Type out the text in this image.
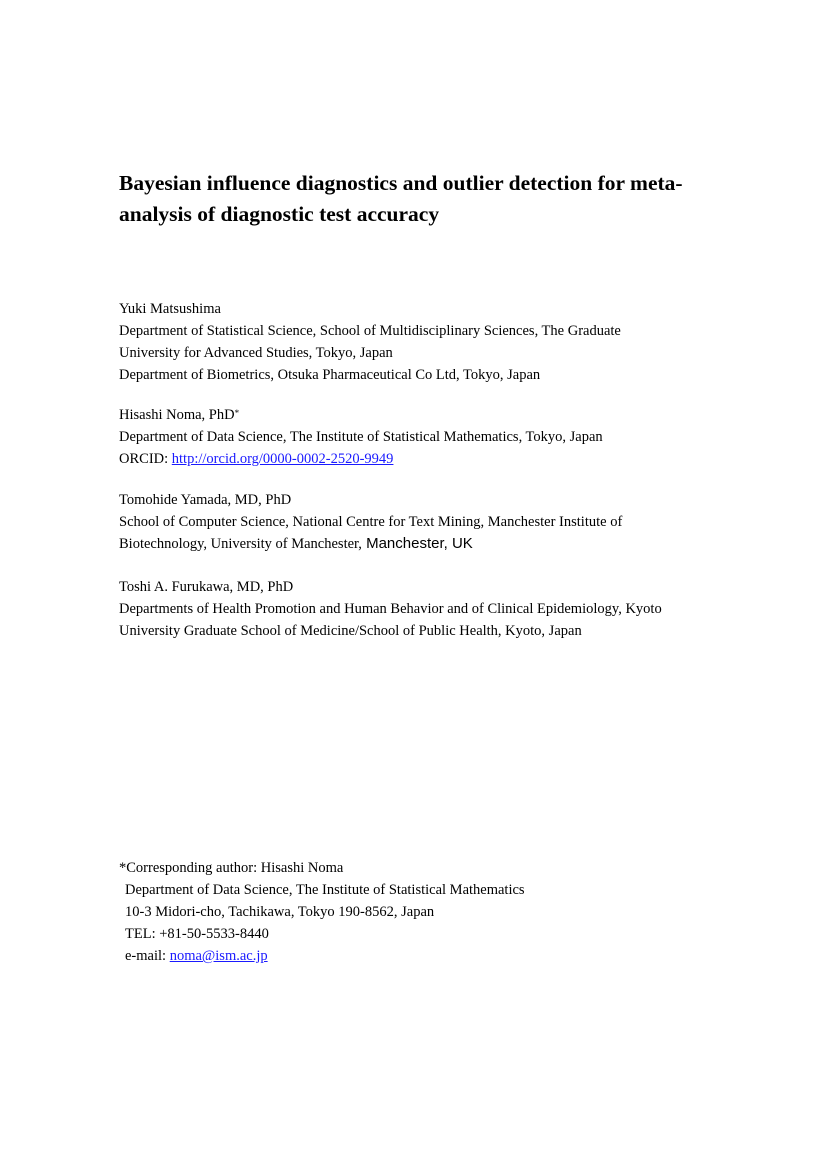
Bayesian influence diagnostics and outlier detection for meta-
analysis of diagnostic test accuracy
Yuki Matsushima
Department of Statistical Science, School of Multidisciplinary Sciences, The Graduate
University for Advanced Studies, Tokyo, Japan
Department of Biometrics, Otsuka Pharmaceutical Co Ltd, Tokyo, Japan
Hisashi Noma, PhD*
Department of Data Science, The Institute of Statistical Mathematics, Tokyo, Japan
ORCID: http://orcid.org/0000-0002-2520-9949
Tomohide Yamada, MD, PhD
School of Computer Science, National Centre for Text Mining, Manchester Institute of
Biotechnology, University of Manchester, Manchester, UK
Toshi A. Furukawa, MD, PhD
Departments of Health Promotion and Human Behavior and of Clinical Epidemiology, Kyoto
University Graduate School of Medicine/School of Public Health, Kyoto, Japan
*Corresponding author: Hisashi Noma
Department of Data Science, The Institute of Statistical Mathematics
10-3 Midori-cho, Tachikawa, Tokyo 190-8562, Japan
TEL: +81-50-5533-8440
e-mail: noma@ism.ac.jp
